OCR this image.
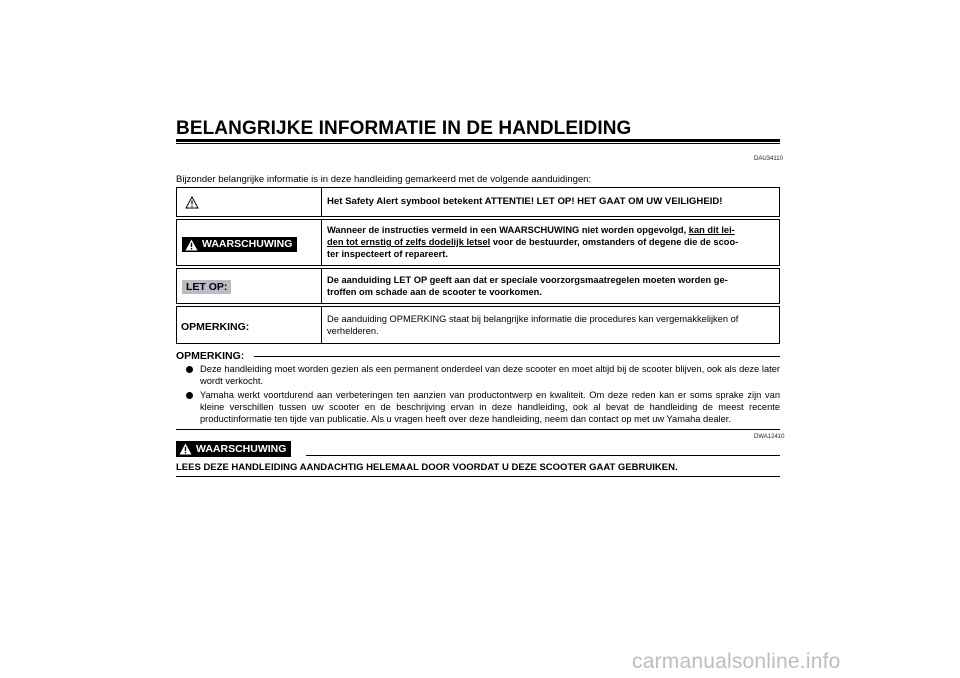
BELANGRIJKE INFORMATIE IN DE HANDLEIDING
DAU34110
Bijzonder belangrijke informatie is in deze handleiding gemarkeerd met de volgende aanduidingen:
Het Safety Alert symbool betekent ATTENTIE! LET OP! HET GAAT OM UW VEILIGHEID!
WAARSCHUWING
Wanneer de instructies vermeld in een WAARSCHUWING niet worden opgevolgd, kan dit lei-
den tot ernstig of zelfs dodelijk letsel voor de bestuurder, omstanders of degene die de scoo-
ter inspecteert of repareert.
LET OP:
De aanduiding LET OP geeft aan dat er speciale voorzorgsmaatregelen moeten worden ge-
troffen om schade aan de scooter te voorkomen.
OPMERKING:
De aanduiding OPMERKING staat bij belangrijke informatie die procedures kan vergemakkelijken of
verhelderen.
OPMERKING:
Deze handleiding moet worden gezien als een permanent onderdeel van deze scooter en moet altijd bij de scooter blijven, ook als deze later wordt verkocht.
Yamaha werkt voortdurend aan verbeteringen ten aanzien van productontwerp en kwaliteit. Om deze reden kan er soms sprake zijn van kleine verschillen tussen uw scooter en de beschrijving ervan in deze handleiding, ook al bevat de handleiding de meest recente productinformatie ten tijde van publicatie. Als u vragen heeft over deze handleiding, neem dan contact op met uw Yamaha dealer.
DWA12410
WAARSCHUWING
LEES DEZE HANDLEIDING AANDACHTIG HELEMAAL DOOR VOORDAT U DEZE SCOOTER GAAT GEBRUIKEN.
carmanualsonline.info
